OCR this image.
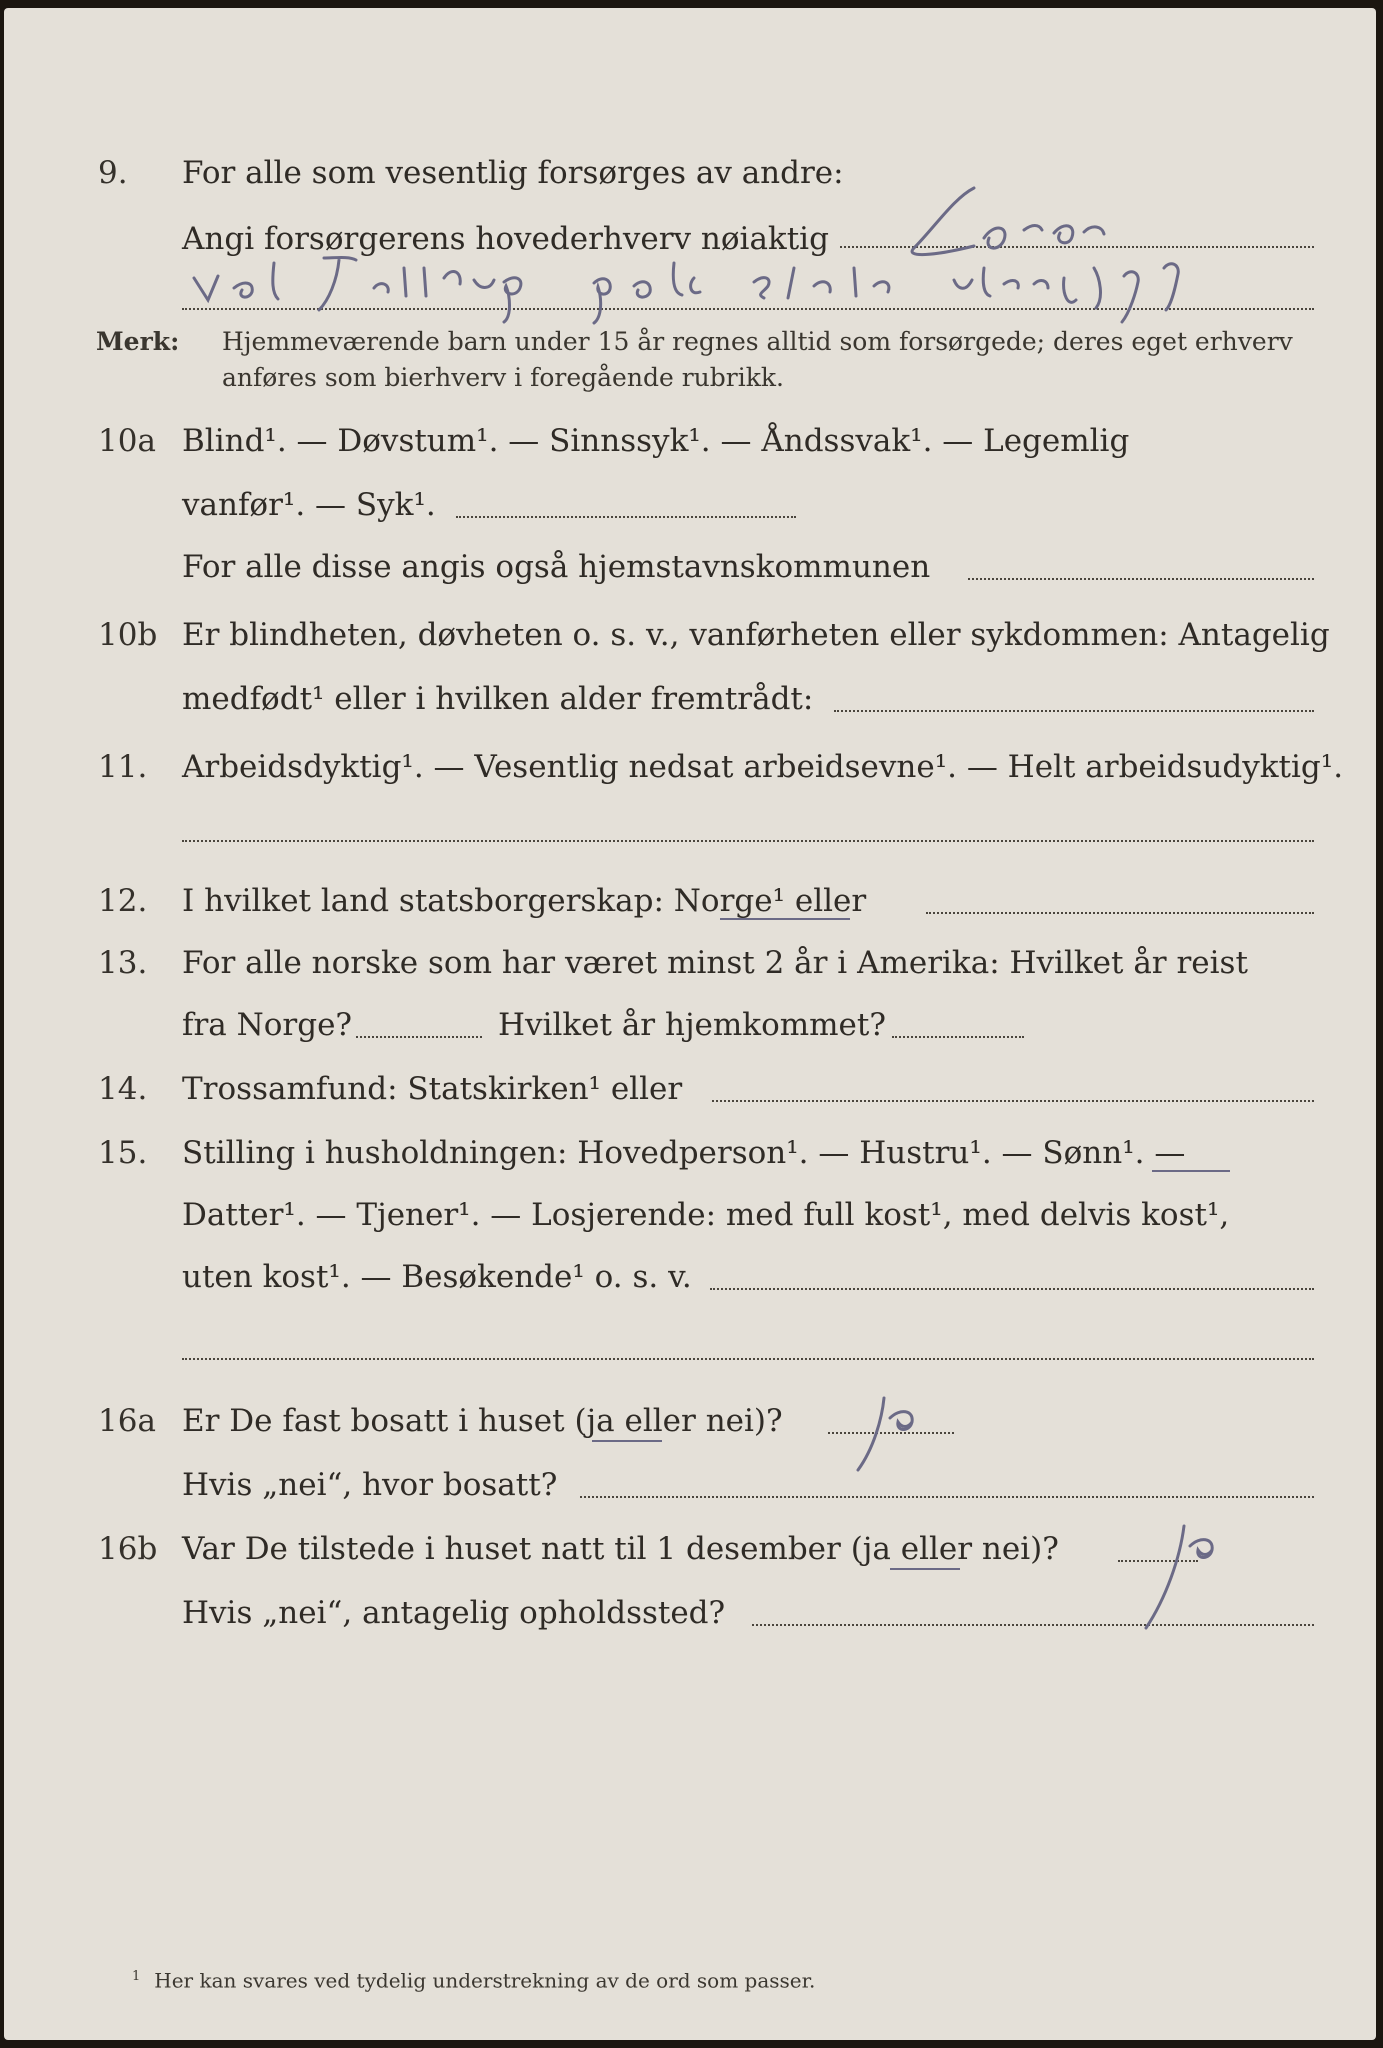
9. For alle som vesentlig forsørges av andre:
Angi forsørgerens hovederhverv nøiaktig
Merk: Hjemmeværende barn under 15 år regnes alltid som forsørgede; deres eget erhverv
anføres som bierhverv i foregående rubrikk.
10a Blind¹. — Døvstum¹. — Sinnssyk¹. — Åndssvak¹. — Legemlig
vanfør¹. — Syk¹.
For alle disse angis også hjemstavnskommunen
10b Er blindheten, døvheten o. s. v., vanførheten eller sykdommen: Antagelig
medfødt¹ eller i hvilken alder fremtrådt:
11. Arbeidsdyktig¹. — Vesentlig nedsat arbeidsevne¹. — Helt arbeidsudyktig¹.
12. I hvilket land statsborgerskap: Norge¹ eller
13. For alle norske som har været minst 2 år i Amerika: Hvilket år reist
fra Norge?	Hvilket år hjemkommet?
14. Trossamfund: Statskirken¹ eller
15. Stilling i husholdningen: Hovedperson¹. — Hustru¹. — Sønn¹. —
Datter¹. — Tjener¹. — Losjerende: med full kost¹, med delvis kost¹,
uten kost¹. — Besøkende¹ o. s. v.
16a Er De fast bosatt i huset (ja eller nei)?
Hvis „nei“, hvor bosatt?
16b Var De tilstede i huset natt til 1 desember (ja eller nei)?
Hvis „nei“, antagelig opholdssted?
$^1$ Her kan svares ved tydelig understrekning av de ord som passer.
